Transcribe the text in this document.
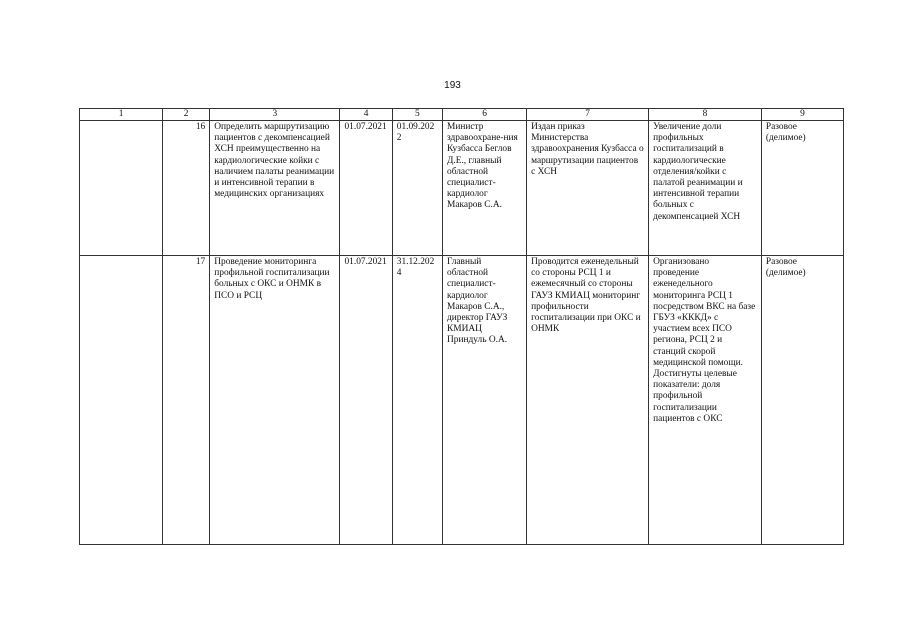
193
1	2	3	4	5	6	7	8	9
	16	Определить маршрутизацию пациентов с декомпенсацией ХСН преимущественно на кардиологические койки с наличием палаты реанимации и интенсивной терапии в медицинских организациях	01.07.2021	01.09.2022	Министр здравоохране-ния Кузбасса Беглов Д.Е., главный областной специалист-кардиолог Макаров С.А.	Издан приказ Министерства здравоохранения Кузбасса о маршрутизации пациентов с ХСН	Увеличение доли профильных госпитализаций в кардиологические отделения/койки с палатой реанимации и интенсивной терапии больных с декомпенсацией ХСН	Разовое (делимое)
	17	Проведение мониторинга профильной госпитализации больных с ОКС и ОНМК в ПСО и РСЦ	01.07.2021	31.12.2024	Главный областной специалист-кардиолог Макаров С.А., директор ГАУЗ КМИАЦ Приндуль О.А.	Проводится еженедельный со стороны РСЦ 1 и ежемесячный со стороны ГАУЗ КМИАЦ мониторинг профильности госпитализации при ОКС и ОНМК	Организовано проведение еженедельного мониторинга РСЦ 1 посредством ВКС на базе ГБУЗ «КККД» с участием всех ПСО региона, РСЦ 2 и станций скорой медицинской помощи. Достигнуты целевые показатели: доля профильной госпитализации пациентов с ОКС	Разовое (делимое)
